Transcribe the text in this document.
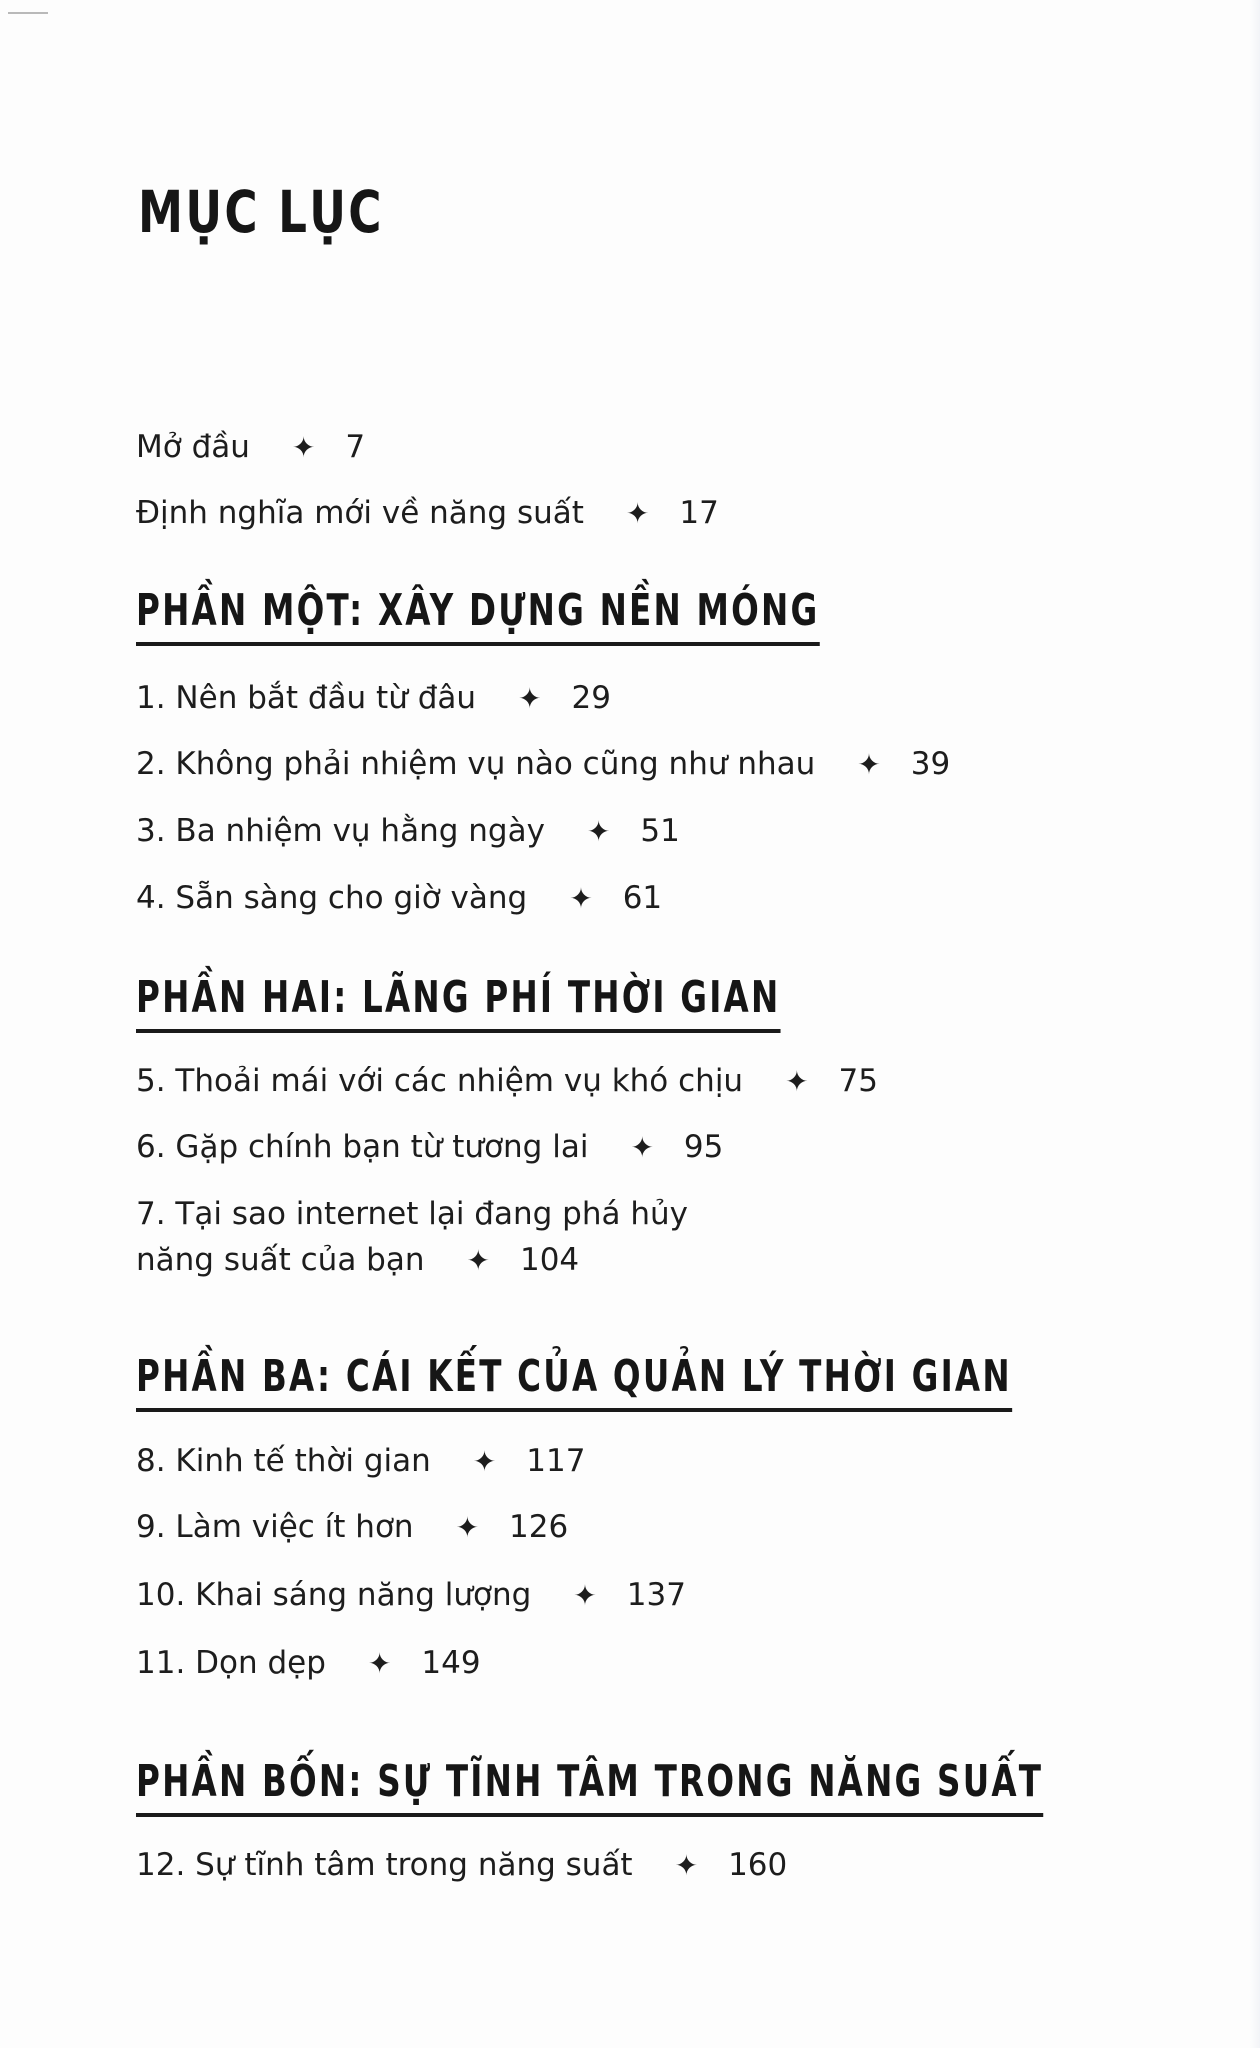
MỤC LỤC
Mở đầu ✦ 7
Định nghĩa mới về năng suất ✦ 17
PHẦN MỘT: XÂY DỰNG NỀN MÓNG
1. Nên bắt đầu từ đâu ✦ 29
2. Không phải nhiệm vụ nào cũng như nhau ✦ 39
3. Ba nhiệm vụ hằng ngày ✦ 51
4. Sẵn sàng cho giờ vàng ✦ 61
PHẦN HAI: LÃNG PHÍ THỜI GIAN
5. Thoải mái với các nhiệm vụ khó chịu ✦ 75
6. Gặp chính bạn từ tương lai ✦ 95
7. Tại sao internet lại đang phá hủy
năng suất của bạn ✦ 104
PHẦN BA: CÁI KẾT CỦA QUẢN LÝ THỜI GIAN
8. Kinh tế thời gian ✦ 117
9. Làm việc ít hơn ✦ 126
10. Khai sáng năng lượng ✦ 137
11. Dọn dẹp ✦ 149
PHẦN BỐN: SỰ TĨNH TÂM TRONG NĂNG SUẤT
12. Sự tĩnh tâm trong năng suất ✦ 160
